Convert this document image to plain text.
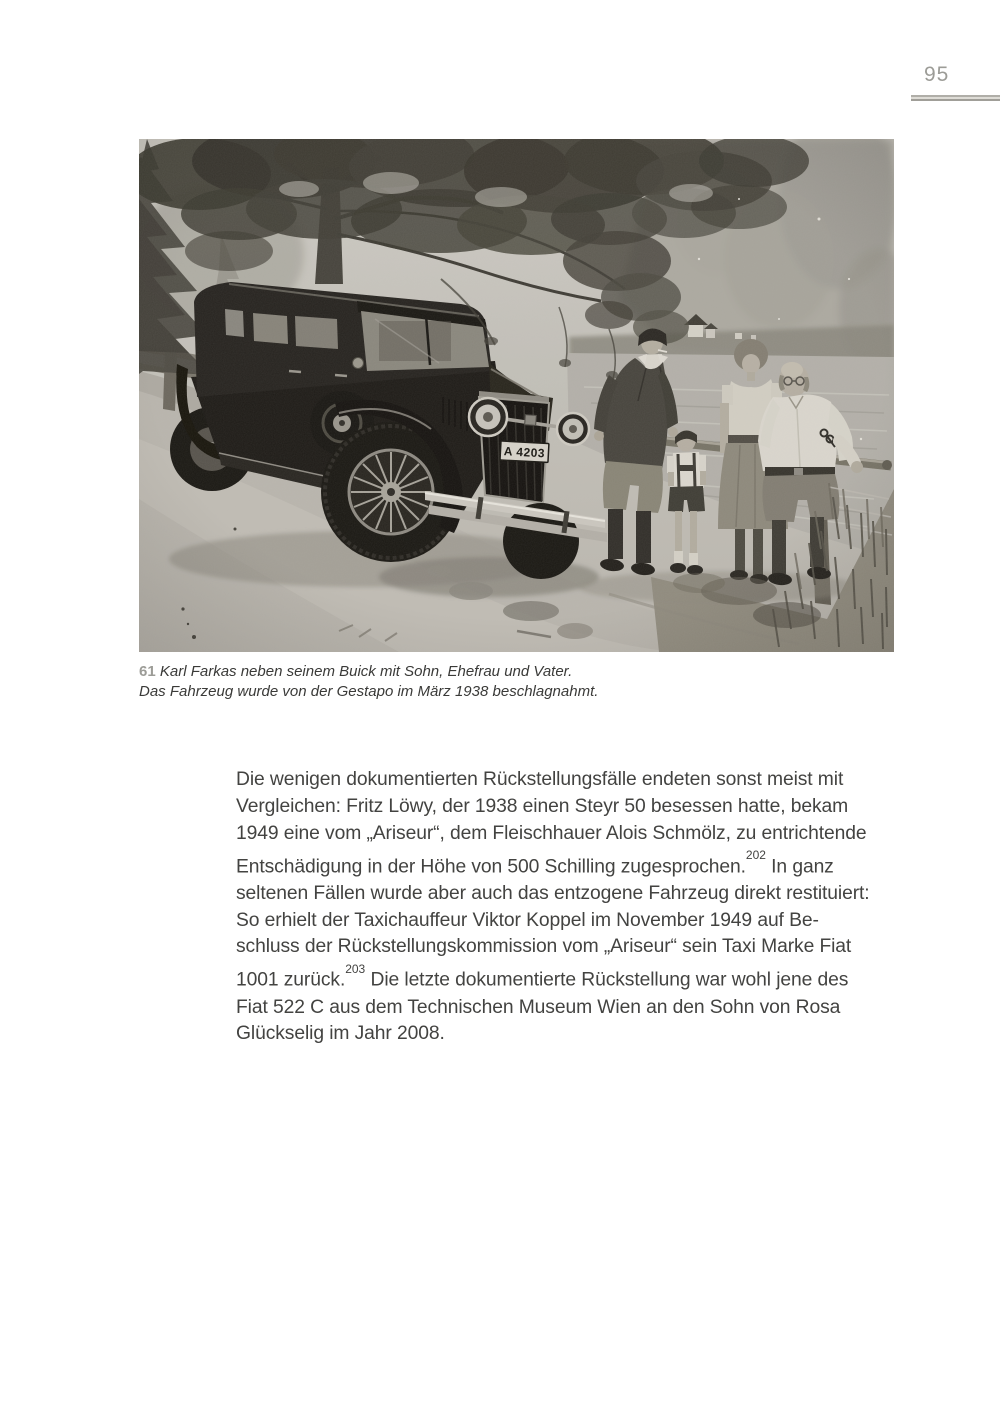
95
61 Karl Farkas neben seinem Buick mit Sohn, Ehefrau und Vater.
Das Fahrzeug wurde von der Gestapo im März 1938 beschlagnahmt.
Die wenigen dokumentierten Rückstellungsfälle endeten sonst meist mit
Vergleichen: Fritz Löwy, der 1938 einen Steyr 50 besessen hatte, bekam
1949 eine vom „Ariseur“, dem Fleischhauer Alois Schmölz, zu entrichtende
Entschädigung in der Höhe von 500 Schilling zugesprochen.$^{202}$ In ganz
seltenen Fällen wurde aber auch das entzogene Fahrzeug direkt restituiert:
So erhielt der Taxichauffeur Viktor Koppel im November 1949 auf Be-
schluss der Rückstellungskommission vom „Ariseur“ sein Taxi Marke Fiat
1001 zurück.$^{203}$ Die letzte dokumentierte Rückstellung war wohl jene des
Fiat 522 C aus dem Technischen Museum Wien an den Sohn von Rosa
Glückselig im Jahr 2008.
